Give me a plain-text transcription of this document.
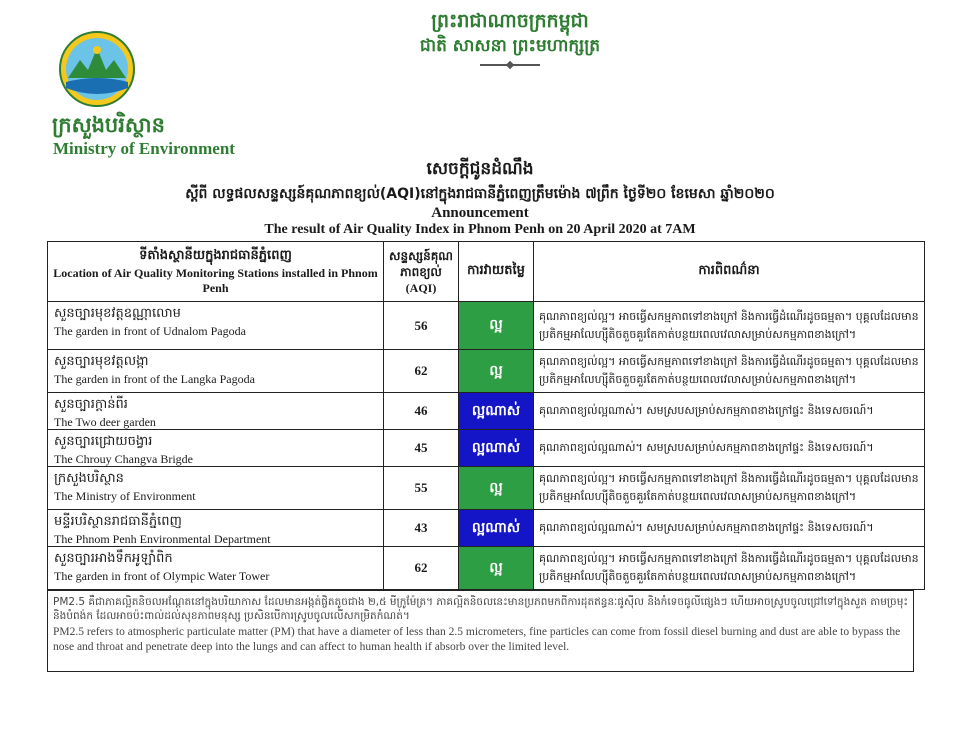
ព្រះរាជាណាចក្រកម្ពុជា
ជាតិ សាសនា ព្រះមហាក្សត្រ
ក្រសួងបរិស្ថាន
Ministry of Environment
សេចក្តីជូនដំណឹង
ស្តីពី លទ្ធផលសន្ទស្សន៍គុណភាពខ្យល់(AQI)នៅក្នុងរាជធានីភ្នំពេញត្រឹមម៉ោង ៧ព្រឹក ថ្ងៃទី២០ ខែមេសា ឆ្នាំ២០២០
Announcement
The result of Air Quality Index in Phnom Penh on 20 April 2020 at 7AM
ទីតាំងស្ថានីយក្នុងរាជធានីភ្នំពេញ
Location of Air Quality Monitoring Stations installed in Phnom Penh	សន្ទស្សន៍គុណភាពខ្យល់
(AQI)	ការវាយតម្លៃ	ការពិពណ៌នា

សួនច្បារមុខវត្តឧណ្ណាលោម
The garden in front of Udnalom Pagoda	56	ល្អ	គុណភាពខ្យល់ល្អ។ អាចធ្វើសកម្មភាពទៅខាងក្រៅ និងការធ្វើដំណើរដូចធម្មតា។ បុគ្គលដែលមានប្រតិកម្មអាលែហ្ស៊ីតិចតួចគួរតែកាត់បន្ថយពេលវេលាសម្រាប់សកម្មភាពខាងក្រៅ។

សួនច្បារមុខវត្តលង្កា
The garden in front of the Langka Pagoda	62	ល្អ	គុណភាពខ្យល់ល្អ។ អាចធ្វើសកម្មភាពទៅខាងក្រៅ និងការធ្វើដំណើរដូចធម្មតា។ បុគ្គលដែលមានប្រតិកម្មអាលែហ្ស៊ីតិចតួចគួរតែកាត់បន្ថយពេលវេលាសម្រាប់សកម្មភាពខាងក្រៅ។

សួនច្បារក្តាន់ពីរ
The Two deer garden	46	ល្អណាស់	គុណភាពខ្យល់ល្អណាស់។ សមស្របសម្រាប់សកម្មភាពខាងក្រៅផ្ទះ និងទេសចរណ៍។

សួនច្បារជ្រោយចង្វារ
The Chrouy Changva Brigde	45	ល្អណាស់	គុណភាពខ្យល់ល្អណាស់។ សមស្របសម្រាប់សកម្មភាពខាងក្រៅផ្ទះ និងទេសចរណ៍។

ក្រសួងបរិស្ថាន
The Ministry of Environment	55	ល្អ	គុណភាពខ្យល់ល្អ។ អាចធ្វើសកម្មភាពទៅខាងក្រៅ និងការធ្វើដំណើរដូចធម្មតា។ បុគ្គលដែលមានប្រតិកម្មអាលែហ្ស៊ីតិចតួចគួរតែកាត់បន្ថយពេលវេលាសម្រាប់សកម្មភាពខាងក្រៅ។

មន្ទីរបរិស្ថានរាជធានីភ្នំពេញ
The Phnom Penh Environmental Department	43	ល្អណាស់	គុណភាពខ្យល់ល្អណាស់។ សមស្របសម្រាប់សកម្មភាពខាងក្រៅផ្ទះ និងទេសចរណ៍។

សួនច្បារអាងទឹកអូឡាំពិក
The garden in front of Olympic Water Tower	62	ល្អ	គុណភាពខ្យល់ល្អ។ អាចធ្វើសកម្មភាពទៅខាងក្រៅ និងការធ្វើដំណើរដូចធម្មតា។ បុគ្គលដែលមានប្រតិកម្មអាលែហ្ស៊ីតិចតួចគួរតែកាត់បន្ថយពេលវេលាសម្រាប់សកម្មភាពខាងក្រៅ។
PM2.5 គឺជាភាគល្អិតនិចលអណ្តែតនៅក្នុងបរិយាកាស ដែលមានអង្កត់ផ្ចិតតូចជាង ២,៥ មីក្រូម៉ែត្រ។ ភាគល្អិតនិចលនេះមានប្រភពមកពីការដុតឥន្ធនៈផូស៊ីល និងកំទេចធូលីផ្សេងៗ ហើយអាចស្រូបចូលជ្រៅទៅក្នុងសួត តាមច្រមុះ និងបំពង់ក ដែលអាចប៉ះពាល់ដល់សុខភាពមនុស្ស ប្រសិនបើការស្រូបចូលលើសកម្រិតកំណត់។
PM2.5 refers to atmospheric particulate matter (PM) that have a diameter of less than 2.5 micrometers, fine particles can come from fossil diesel burning and dust are able to bypass the nose and throat and penetrate deep into the lungs and can affect to human health if absorb over the limited level.
